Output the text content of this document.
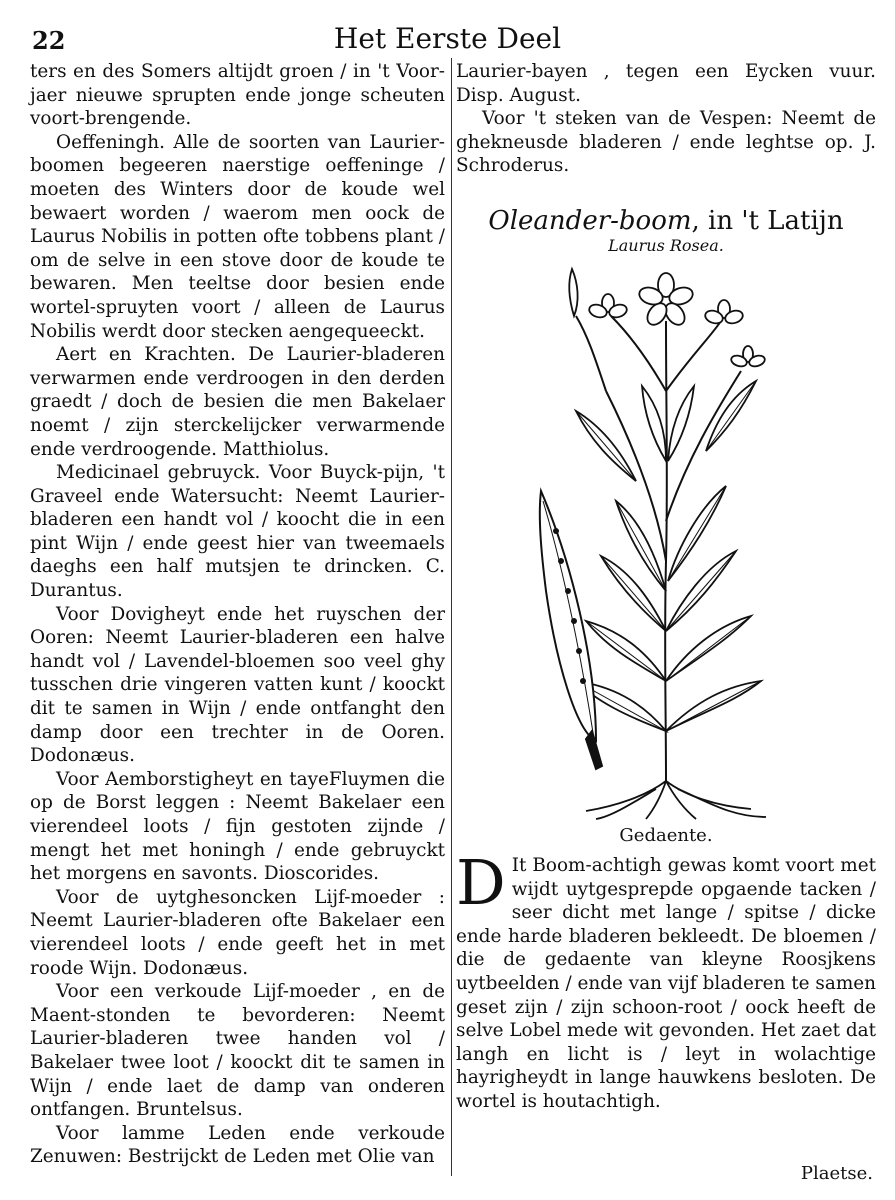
22	Het Eerste Deel

ters en des Somers altijdt groen / in 't Voor-jaer nieuwe sprupten ende jonge scheuten voort-brengende.

Oeffeningh. Alle de soorten van Laurier-boomen begeeren naerstige oeffeninge / moeten des Winters door de koude wel bewaert worden / waerom men oock de Laurus Nobilis in potten ofte tobbens plant / om de selve in een stove door de koude te bewaren. Men teeltse door besien ende wortel-spruyten voort / alleen de Laurus Nobilis werdt door stecken aengequeeckt.

Aert en Krachten. De Laurier-bladeren verwarmen ende verdroogen in den derden graedt / doch de besien die men Bakelaer noemt / zijn sterckelijcker verwarmende ende verdroogende. Matthiolus.

Medicinael gebruyck. Voor Buyck-pijn, 't Graveel ende Watersucht: Neemt Laurier-bladeren een handt vol / koocht die in een pint Wijn / ende geest hier van tweemaels daeghs een half mutsjen te drincken. C. Durantus.

Voor Dovigheyt ende het ruyschen der Ooren: Neemt Laurier-bladeren een halve handt vol / Lavendel-bloemen soo veel ghy tusschen drie vingeren vatten kunt / koockt dit te samen in Wijn / ende ontfanght den damp door een trechter in de Ooren. Dodonæus.

Voor Aemborstigheyt en tayeFluymen die op de Borst leggen : Neemt Bakelaer een vierendeel loots / fijn gestoten zijnde / mengt het met honingh / ende gebruyckt het morgens en savonts. Dioscorides.

Voor de uytghesoncken Lijf-moeder : Neemt Laurier-bladeren ofte Bakelaer een vierendeel loots / ende geeft het in met roode Wijn. Dodonæus.

Voor een verkoude Lijf-moeder , en de Maent-stonden te bevorderen: Neemt Laurier-bladeren twee handen vol / Bakelaer twee loot / koockt dit te samen in Wijn / ende laet de damp van onderen ontfangen. Bruntelsus.

Voor lamme Leden ende verkoude Zenuwen: Bestrijckt de Leden met Olie van

Laurier-bayen , tegen een Eycken vuur. Disp. August.

Voor 't steken van de Vespen: Neemt de ghekneusde bladeren / ende leghtse op. J. Schroderus.

Oleander-boom, in 't Latijn
Laurus Rosea.
Gedaente.

D It Boom-achtigh gewas komt voort met wijdt uytgesprepde opgaende tacken / seer dicht met lange / spitse / dicke ende harde bladeren bekleedt. De bloemen / die de gedaente van kleyne Roosjkens uytbeelden / ende van vijf bladeren te samen geset zijn / zijn schoon-root / oock heeft de selve Lobel mede wit gevonden. Het zaet dat langh en licht is / leyt in wolachtige hayrigheydt in lange hauwkens besloten. De wortel is houtachtigh.

Plaetse.
